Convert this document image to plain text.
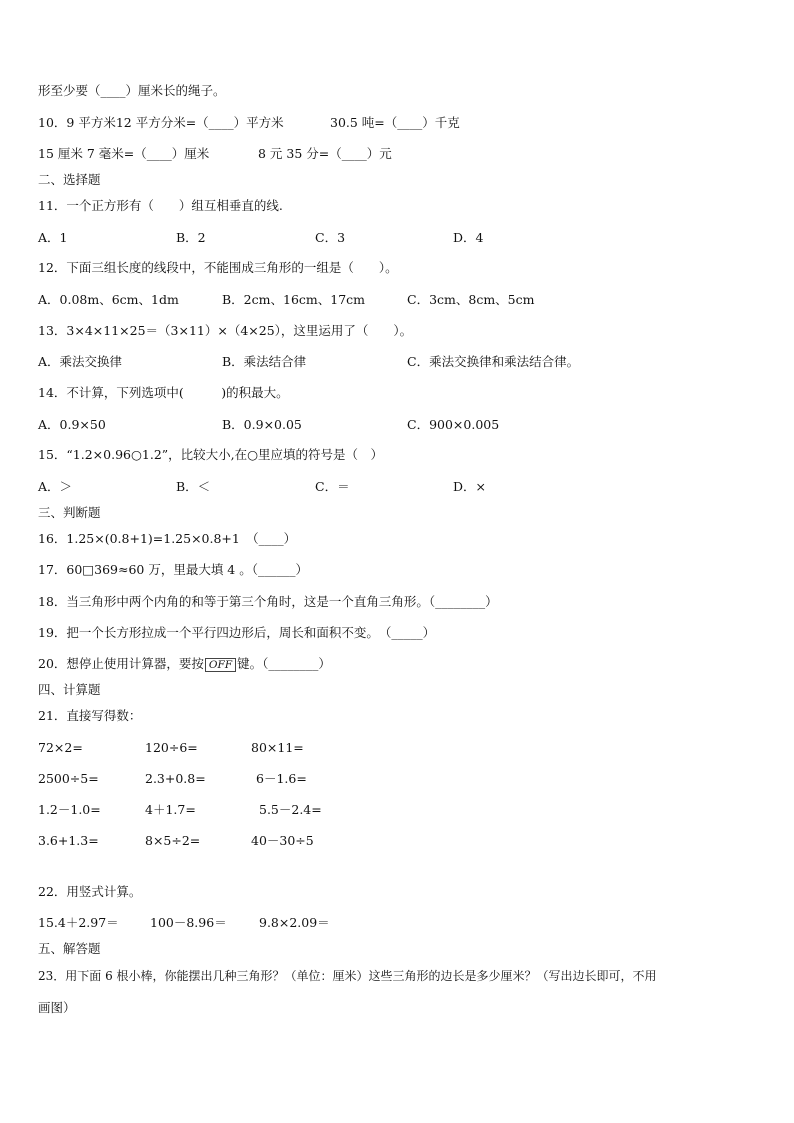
形至少要（____）厘米长的绳子。
10．9 平方米12 平方分米=（____）平方米	30.5 吨=（____）千克
15 厘米 7 毫米=（____）厘米	8 元 35 分=（____）元
二、选择题
11．一个正方形有（　　）组互相垂直的线.
A．1	B．2	C．3	D．4
12．下面三组长度的线段中，不能围成三角形的一组是（　　）。
A．0.08m、6cm、1dm	B．2cm、16cm、17cm	C．3cm、8cm、5cm
13．3×4×11×25＝（3×11）×（4×25），这里运用了（　　）。
A．乘法交换律	B．乘法结合律	C．乘法交换律和乘法结合律。
14．不计算，下列选项中(　　　)的积最大。
A．0.9×50	B．0.9×0.05	C．900×0.005
15．“1.2×0.96○1.2”，比较大小,在○里应填的符号是（　）
A．＞	B．＜	C．＝	D．×
三、判断题
16．1.25×(0.8+1)=1.25×0.8+1　（____）
17．60□369≈60 万，里最大填 4 。（______）
18．当三角形中两个内角的和等于第三个角时，这是一个直角三角形。（________）
19．把一个长方形拉成一个平行四边形后，周长和面积不变。　（_____）
20．想停止使用计算器，要按 OFF 键。（________）
四、计算题
21．直接写得数：
72×2=	120÷6=	80×11=
2500÷5=	2.3+0.8=	6－1.6=
1.2－1.0=	4＋1.7=	5.5－2.4=
3.6+1.3=	8×5÷2=	40－30÷5
22．用竖式计算。
15.4＋2.97＝	100－8.96＝	9.8×2.09＝
五、解答题
23．用下面 6 根小棒，你能摆出几种三角形？（单位：厘米）这些三角形的边长是多少厘米？（写出边长即可，不用
画图）
